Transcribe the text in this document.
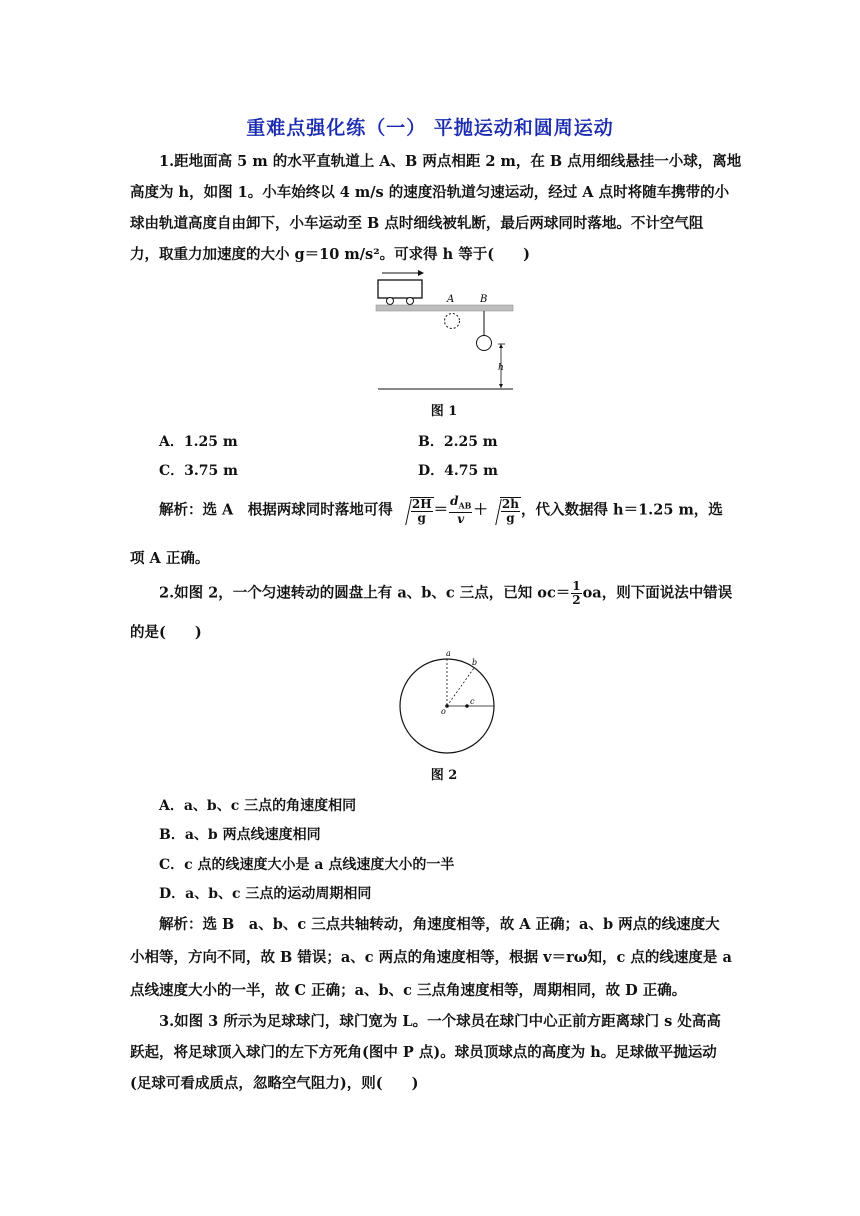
重难点强化练（一） 平抛运动和圆周运动
1.距地面高 5 m 的水平直轨道上 A、B 两点相距 2 m，在 B 点用细线悬挂一小球，离地
高度为 h，如图 1。小车始终以 4 m/s 的速度沿轨道匀速运动，经过 A 点时将随车携带的小
球由轨道高度自由卸下，小车运动至 B 点时细线被轧断，最后两球同时落地。不计空气阻
力，取重力加速度的大小 g＝10 m/s²。可求得 h 等于(　　)
A	B
h
图 1
A．1.25 m	B．2.25 m
C．3.75 m	D．4.75 m
解析：选 A　根据两球同时落地可得 $\frac{2H}{g} = \frac{d_{AB}}{v} + \frac{2h}{g}$ ，代入数据得 h＝1.25 m，选
项 A 正确。
2.如图 2，一个匀速转动的圆盘上有 a、b、c 三点，已知 $oc= \frac{1}{2}$ oa，则下面说法中错误
的是(　　)
a
b
c
o
图 2
A．a、b、c 三点的角速度相同
B．a、b 两点线速度相同
C．c 点的线速度大小是 a 点线速度大小的一半
D．a、b、c 三点的运动周期相同
解析：选 B　a、b、c 三点共轴转动，角速度相等，故 A 正确；a、b 两点的线速度大
小相等，方向不同，故 B 错误；a、c 两点的角速度相等，根据 v＝rω知，c 点的线速度是 a
点线速度大小的一半，故 C 正确；a、b、c 三点角速度相等，周期相同，故 D 正确。
3.如图 3 所示为足球球门，球门宽为 L。一个球员在球门中心正前方距离球门 s 处高高
跃起，将足球顶入球门的左下方死角(图中 P 点)。球员顶球点的高度为 h。足球做平抛运动
(足球可看成质点，忽略空气阻力)，则(　　)
